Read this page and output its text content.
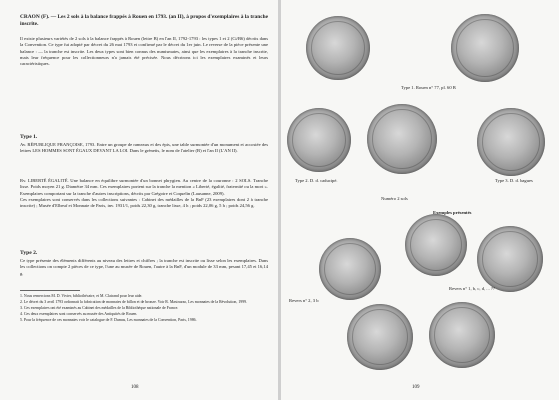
CRAON (F). — Les 2 sols à la balance frappés à Rouen en 1793. (an II), à propos d'exemplaires à la tranche inscrite.
Il existe plusieurs variétés de 2 sols à la balance frappés à Rouen (lettre B) en l'an II, 1792-1793 : les types 1 et 2 (Ci/B6) décrits dans la Convention. Ce type fut adopté par décret du 26 mai 1793 et confirmé par le décret du 1er juin. Le reverse de la pièce présente une balance : — la tranche est inscrite. Les deux types sont bien connus des numismates, ainsi que les exemplaires à la tranche inscrite, mais leur fréquence pour les collectionneurs n'a jamais été précisée. Nous décrirons ici les exemplaires examinés et leurs caractéristiques.
Type 1.
Av. RÉPUBLIQUE FRANÇOISE, 1793. Entre un groupe de rameaux et des épis, une table surmontée d'un monument et accostée des lettres LES HOMMES SONT ÉGAUX DEVANT LA LOI. Dans le grènetis, le nom de l'atelier (B) et l'an II (L'AN II).
Rv. LIBERTÉ ÉGALITÉ. Une balance en équilibre surmontée d'un bonnet phrygien. Au centre de la couronne : 2 SOLS. Tranche lisse. Poids moyen 21 g. Diamètre 34 mm. Ces exemplaires portent sur la tranche la mention « Liberté, égalité, fraternité ou la mort ». Exemplaires comportant sur la tranche d'autres inscriptions, décrits par Grégoire et Coquelin (Lausanne, 2009).
Ces exemplaires sont conservés dans les collections suivantes : Cabinet des médailles de la BnF (23 exemplaires dont 2 à tranche inscrite) ; Musée d'Elbeuf et Monnaie de Paris, inv. 1931/1, poids 22,30 g, tranche lisse, 4 h ; poids 22,06 g, 5 h ; poids 24,56 g.
Type 2.
Ce type présente des éléments différents au niveau des lettres et chiffres ; la tranche est inscrite ou lisse selon les exemplaires. Dans les collections on compte 2 pièces de ce type, l'une au musée de Rouen, l'autre à la BnF, d'un module de 33 mm, pesant 17,45 et 16,14 g.
1. Nous remercions M. D. Vivier, bibliothécaire, et M. Clairand pour leur aide.
2. Le décret du 3 avril 1793 ordonnait la fabrication de monnaies de billon et de bronze. Voir R. Mastruzzo, Les monnaies de la Révolution, 1999.
3. Ces exemplaires ont été examinés au Cabinet des médailles de la Bibliothèque nationale de France.
4. Ces deux exemplaires sont conservés au musée des Antiquités de Rouen.
5. Pour la fréquence de ces monnaies voir le catalogue de F. Dumas, Les monnaies de la Convention, Paris, 1986.
108
Type 1. Rouen n° 77, pl. 60 B
Type 2. D. d. caducipé.	Type 3. D. d. bagues
Numéro 2 sols
Exemples présentés
Revers n° 1, b, c, d, ... ??
Revers n° 2, 3 b
109
